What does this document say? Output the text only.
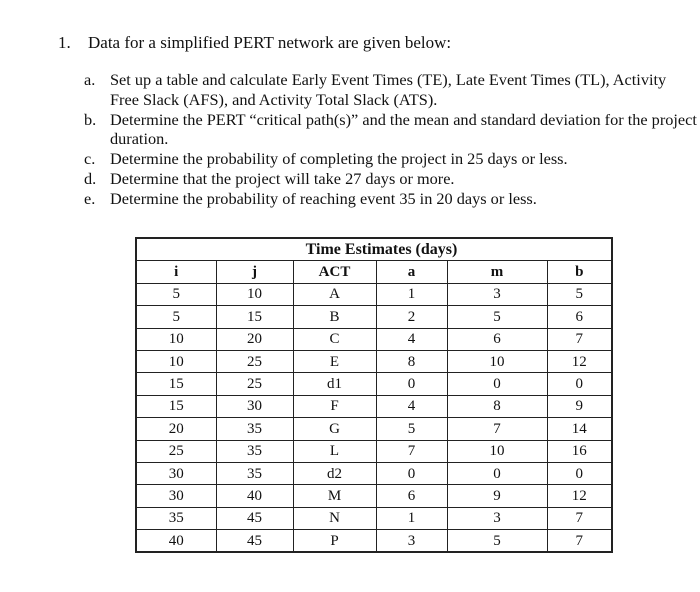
1. Data for a simplified PERT network are given below:
a. Set up a table and calculate Early Event Times (TE), Late Event Times (TL), Activity Free Slack (AFS), and Activity Total Slack (ATS).
b. Determine the PERT “critical path(s)” and the mean and standard deviation for the project duration.
c. Determine the probability of completing the project in 25 days or less.
d. Determine that the project will take 27 days or more.
e. Determine the probability of reaching event 35 in 20 days or less.
	Time Estimates (days)				
i	j	ACT	a	m	b
5	10	A	1	3	5
5	15	B	2	5	6
10	20	C	4	6	7
10	25	E	8	10	12
15	25	d1	0	0	0
15	30	F	4	8	9
20	35	G	5	7	14
25	35	L	7	10	16
30	35	d2	0	0	0
30	40	M	6	9	12
35	45	N	1	3	7
40	45	P	3	5	7
